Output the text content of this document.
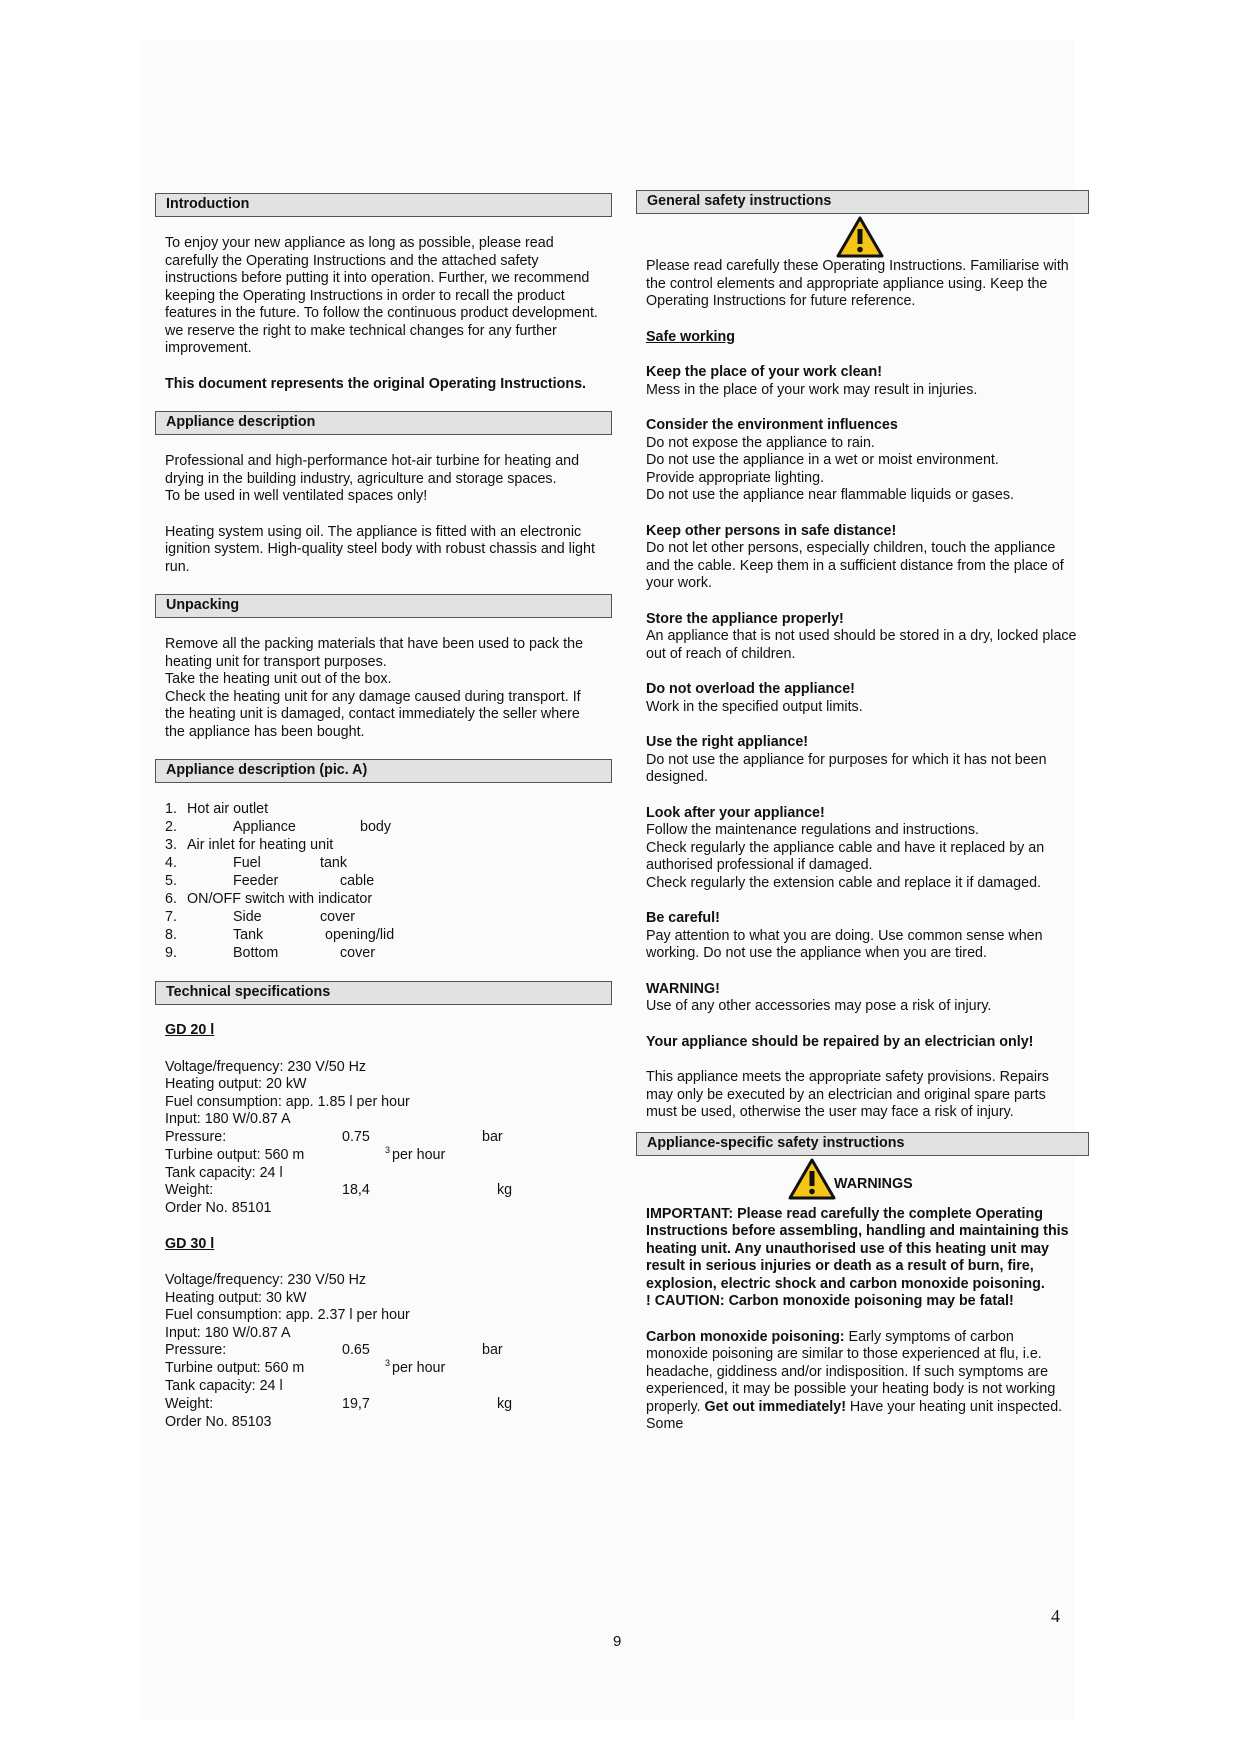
Introduction

To enjoy your new appliance as long as possible, please read carefully the Operating Instructions and the attached safety instructions before putting it into operation. Further, we recommend keeping the Operating Instructions in order to recall the product features in the future. To follow the continuous product development. we reserve the right to make technical changes for any further improvement.

This document represents the original Operating Instructions.

Appliance description

Professional and high-performance hot-air turbine for heating and drying in the building industry, agriculture and storage spaces.

To be used in well ventilated spaces only!

Heating system using oil. The appliance is fitted with an electronic ignition system. High-quality steel body with robust chassis and light run.

Unpacking

Remove all the packing materials that have been used to pack the heating unit for transport purposes.

Take the heating unit out of the box.

Check the heating unit for any damage caused during transport. If the heating unit is damaged, contact immediately the seller where the appliance has been bought.

Appliance description (pic. A)
1. Hot air outlet
2.	Appliance	body
3. Air inlet for heating unit
4.	Fuel	tank
5.	Feeder	cable
6. ON/OFF switch with indicator
7.	Side	cover
8.	Tank	opening/lid
9.	Bottom	cover
Technical specifications
GD 20 l
Voltage/frequency: 230 V/50 Hz
Heating output: 20 kW
Fuel consumption: app. 1.85 l per hour
Input: 180 W/0.87 A
Pressure:	0.75	bar
Turbine output: 560 m	3 per hour
Tank capacity: 24 l
Weight:	18,4	kg
Order No. 85101
GD 30 l
Voltage/frequency: 230 V/50 Hz
Heating output: 30 kW
Fuel consumption: app. 2.37 l per hour
Input: 180 W/0.87 A
Pressure:	0.65	bar
Turbine output: 560 m	3 per hour
Tank capacity: 24 l
Weight:	19,7	kg
Order No. 85103
General safety instructions

Please read carefully these Operating Instructions. Familiarise with the control elements and appropriate appliance using. Keep the Operating Instructions for future reference.

Safe working

Keep the place of your work clean!
Mess in the place of your work may result in injuries.
Consider the environment influences
Do not expose the appliance to rain.
Do not use the appliance in a wet or moist environment.
Provide appropriate lighting.
Do not use the appliance near flammable liquids or gases.
Keep other persons in safe distance!
Do not let other persons, especially children, touch the appliance and the cable. Keep them in a sufficient distance from the place of your work.
Store the appliance properly!
An appliance that is not used should be stored in a dry, locked place out of reach of children.
Do not overload the appliance!
Work in the specified output limits.
Use the right appliance!
Do not use the appliance for purposes for which it has not been designed.
Look after your appliance!
Follow the maintenance regulations and instructions.
Check regularly the appliance cable and have it replaced by an authorised professional if damaged.
Check regularly the extension cable and replace it if damaged.
Be careful!
Pay attention to what you are doing. Use common sense when working. Do not use the appliance when you are tired.
WARNING!
Use of any other accessories may pose a risk of injury.
Your appliance should be repaired by an electrician only!

This appliance meets the appropriate safety provisions. Repairs may only be executed by an electrician and original spare parts must be used, otherwise the user may face a risk of injury.

Appliance-specific safety instructions
WARNINGS
IMPORTANT: Please read carefully the complete Operating Instructions before assembling, handling and maintaining this heating unit. Any unauthorised use of this heating unit may result in serious injuries or death as a result of burn, fire, explosion, electric shock and carbon monoxide poisoning.

! CAUTION: Carbon monoxide poisoning may be fatal!

Carbon monoxide poisoning: Early symptoms of carbon monoxide poisoning are similar to those experienced at flu, i.e. headache, giddiness and/or indisposition. If such symptoms are experienced, it may be possible your heating body is not working properly. Get out immediately! Have your heating unit inspected. Some

9
4
